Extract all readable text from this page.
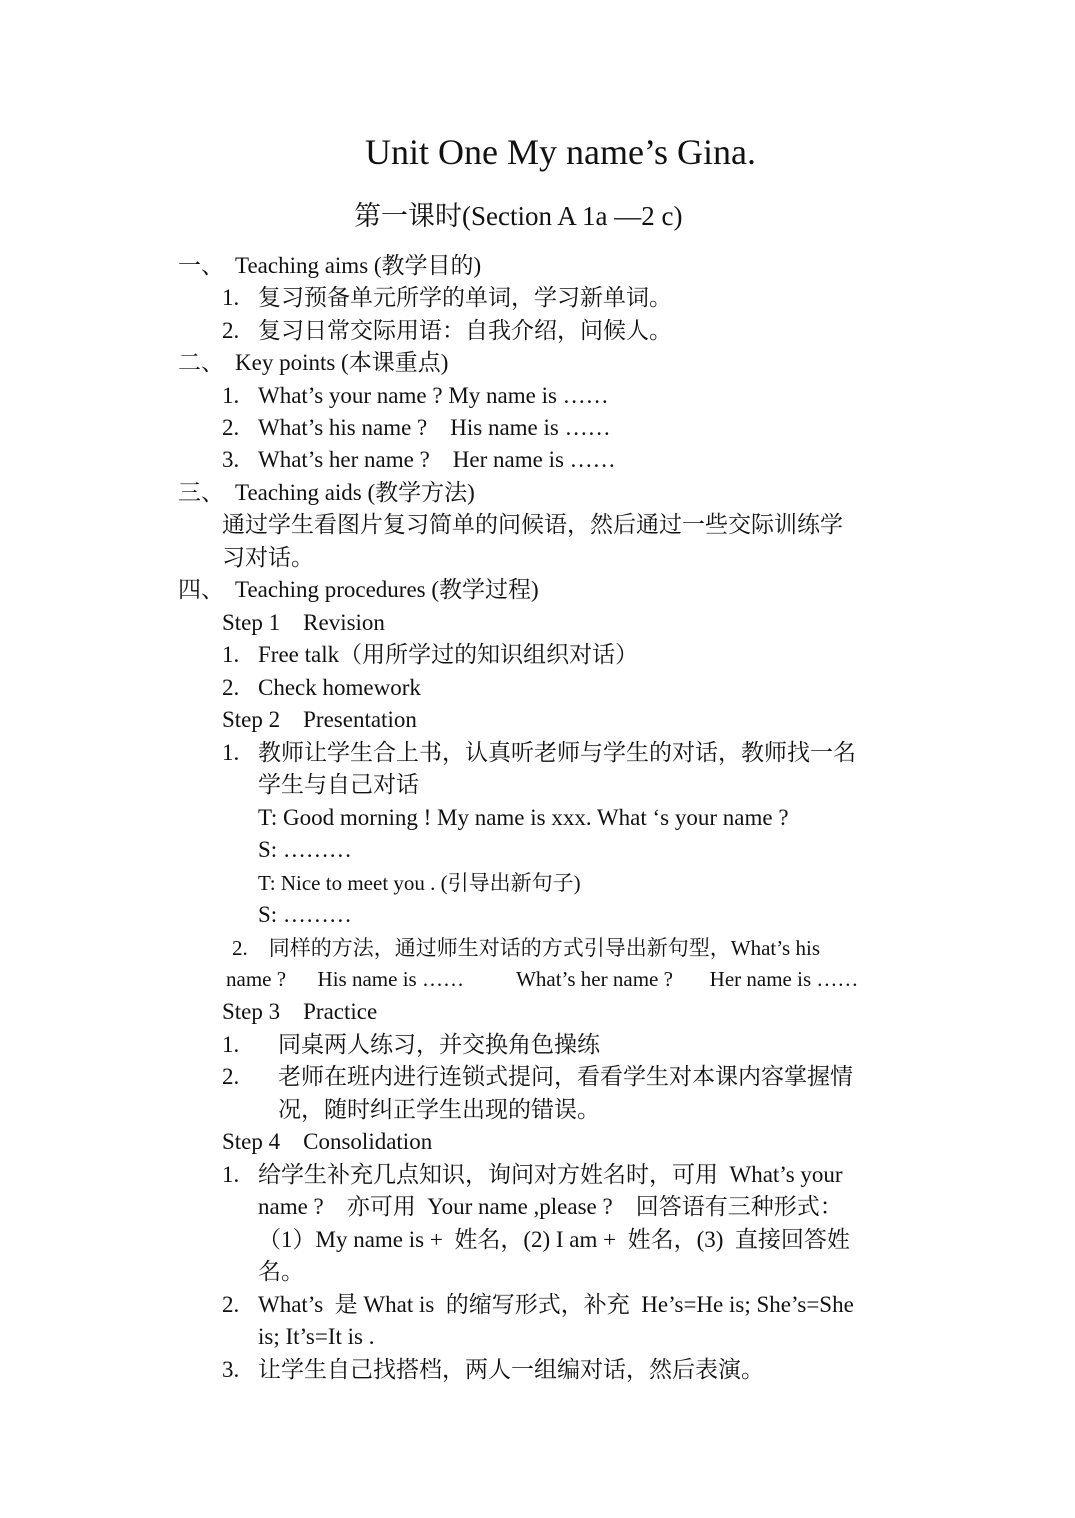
Unit One My name’s Gina.
第一课时(Section A 1a —2 c)
一、 Teaching aims (教学目的)
1. 复习预备单元所学的单词，学习新单词。
2. 复习日常交际用语：自我介绍，问候人。
二、 Key points (本课重点)
1. What’s your name ? My name is ……
2. What’s his name ?    His name is ……
3. What’s her name ?    Her name is ……
三、 Teaching aids (教学方法)
通过学生看图片复习简单的问候语，然后通过一些交际训练学
习对话。
四、 Teaching procedures (教学过程)
Step 1    Revision
1. Free talk（用所学过的知识组织对话）
2. Check homework
Step 2    Presentation
1. 教师让学生合上书，认真听老师与学生的对话，教师找一名
学生与自己对话
T: Good morning ! My name is xxx. What ‘s your name ?
S: ………
T: Nice to meet you . (引导出新句子)
S: ………
2.    同样的方法，通过师生对话的方式引导出新句型，What’s his
name ?      His name is ……          What’s her name ?       Her name is ……
Step 3    Practice
1. 同桌两人练习，并交换角色操练
2. 老师在班内进行连锁式提问，看看学生对本课内容掌握情
况，随时纠正学生出现的错误。
Step 4    Consolidation
1. 给学生补充几点知识，询问对方姓名时，可用  What’s your
name ?    亦可用  Your name ,please ?    回答语有三种形式：
（1）My name is +  姓名，(2) I am +  姓名，(3)  直接回答姓
名。
2. What’s  是 What is  的缩写形式，补充  He’s=He is; She’s=She
is; It’s=It is .
3. 让学生自己找搭档，两人一组编对话，然后表演。
